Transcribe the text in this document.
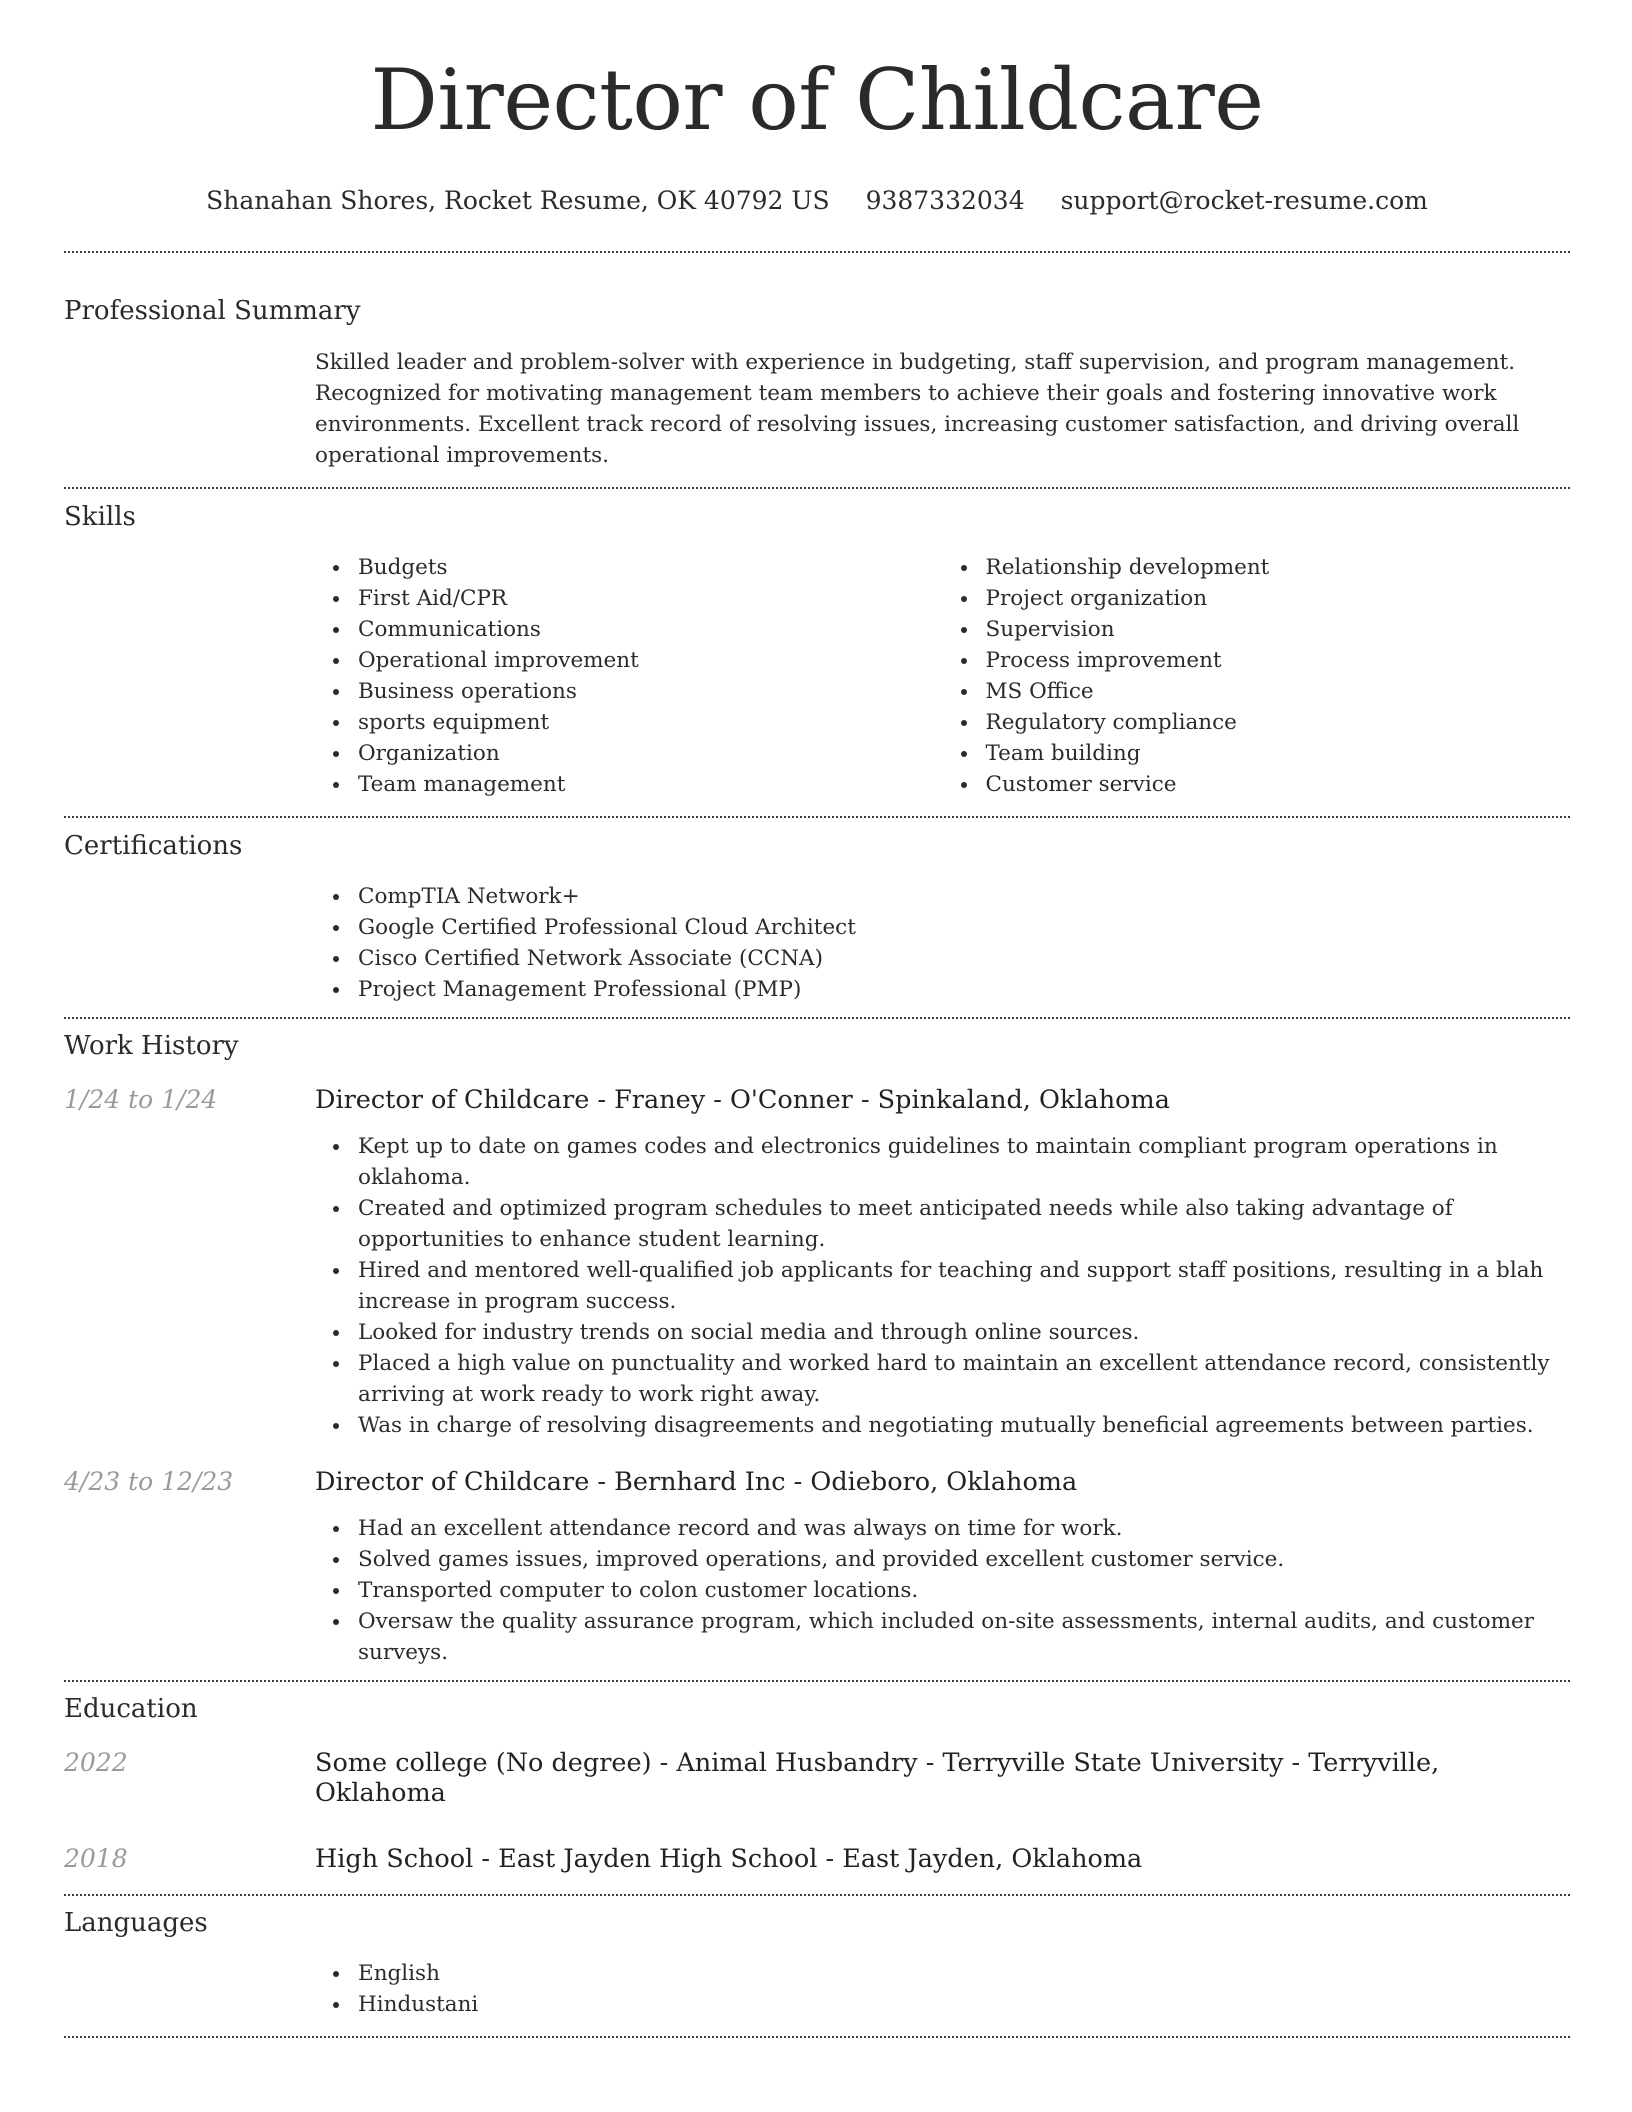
Director of Childcare
Shanahan Shores, Rocket Resume, OK 40792 US 9387332034 support@rocket-resume.com
Professional Summary
Skilled leader and problem-solver with experience in budgeting, staff supervision, and program management. Recognized for motivating management team members to achieve their goals and fostering innovative work environments. Excellent track record of resolving issues, increasing customer satisfaction, and driving overall operational improvements.
Skills
Budgets
First Aid/CPR
Communications
Operational improvement
Business operations
sports equipment
Organization
Team management
Relationship development
Project organization
Supervision
Process improvement
MS Office
Regulatory compliance
Team building
Customer service
Certifications
CompTIA Network+
Google Certified Professional Cloud Architect
Cisco Certified Network Associate (CCNA)
Project Management Professional (PMP)
Work History
1/24 to 1/24	Director of Childcare - Franey - O'Conner - Spinkaland, Oklahoma
Kept up to date on games codes and electronics guidelines to maintain compliant program operations in oklahoma.
Created and optimized program schedules to meet anticipated needs while also taking advantage of opportunities to enhance student learning.
Hired and mentored well-qualified job applicants for teaching and support staff positions, resulting in a blah increase in program success.
Looked for industry trends on social media and through online sources.
Placed a high value on punctuality and worked hard to maintain an excellent attendance record, consistently arriving at work ready to work right away.
Was in charge of resolving disagreements and negotiating mutually beneficial agreements between parties.
4/23 to 12/23	Director of Childcare - Bernhard Inc - Odieboro, Oklahoma
Had an excellent attendance record and was always on time for work.
Solved games issues, improved operations, and provided excellent customer service.
Transported computer to colon customer locations.
Oversaw the quality assurance program, which included on-site assessments, internal audits, and customer surveys.
Education
2022	Some college (No degree) - Animal Husbandry - Terryville State University - Terryville, Oklahoma
2018	High School - East Jayden High School - East Jayden, Oklahoma
Languages
English
Hindustani
